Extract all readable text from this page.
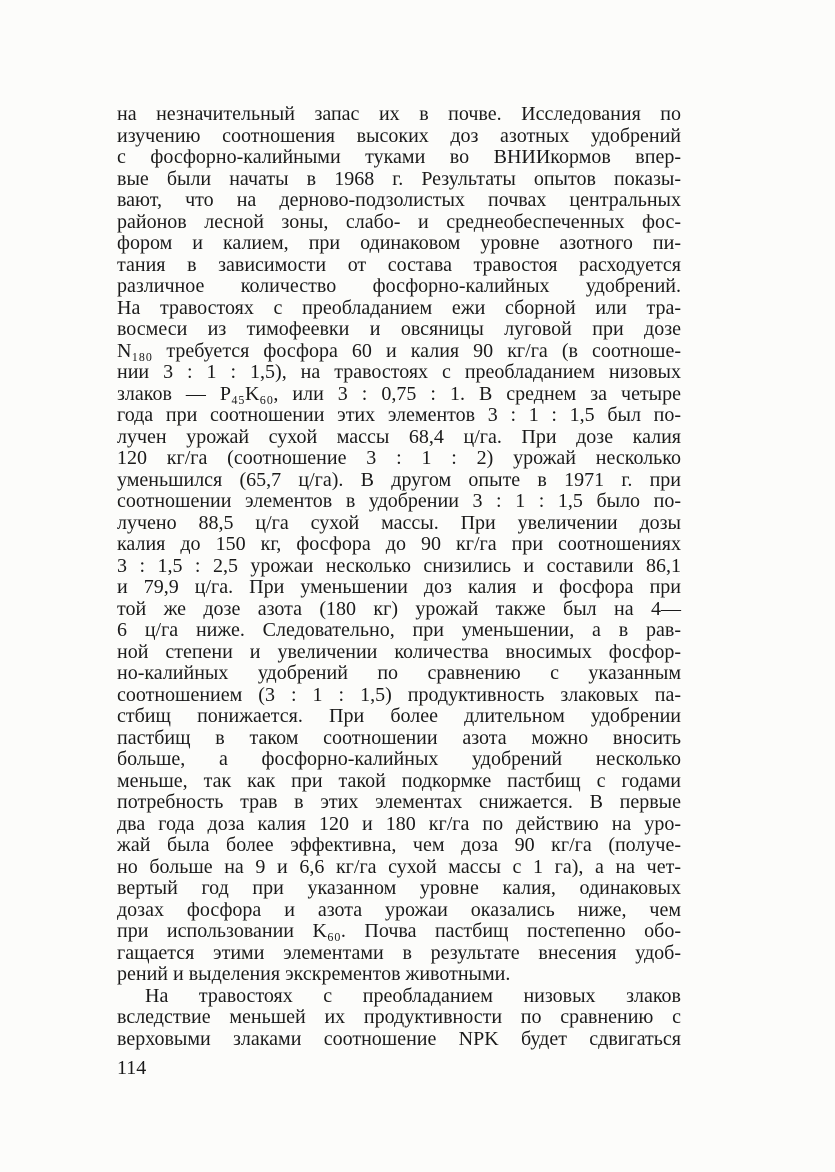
на незначительный запас их в почве. Исследования по
изучению соотношения высоких доз азотных удобрений
с фосфорно-калийными туками во ВНИИкормов впер-
вые были начаты в 1968 г. Результаты опытов показы-
вают, что на дерново-подзолистых почвах центральных
районов лесной зоны, слабо- и среднеобеспеченных фос-
фором и калием, при одинаковом уровне азотного пи-
тания в зависимости от состава травостоя расходуется
различное количество фосфорно-калийных удобрений.
На травостоях с преобладанием ежи сборной или тра-
восмеси из тимофеевки и овсяницы луговой при дозе
N₁₈₀ требуется фосфора 60 и калия 90 кг/га (в соотноше-
нии 3 : 1 : 1,5), на травостоях с преобладанием низовых
злаков — P₄₅K₆₀, или 3 : 0,75 : 1. В среднем за четыре
года при соотношении этих элементов 3 : 1 : 1,5 был по-
лучен урожай сухой массы 68,4 ц/га. При дозе калия
120 кг/га (соотношение 3 : 1 : 2) урожай несколько
уменьшился (65,7 ц/га). В другом опыте в 1971 г. при
соотношении элементов в удобрении 3 : 1 : 1,5 было по-
лучено 88,5 ц/га сухой массы. При увеличении дозы
калия до 150 кг, фосфора до 90 кг/га при соотношениях
3 : 1,5 : 2,5 урожаи несколько снизились и составили 86,1
и 79,9 ц/га. При уменьшении доз калия и фосфора при
той же дозе азота (180 кг) урожай также был на 4—
6 ц/га ниже. Следовательно, при уменьшении, а в рав-
ной степени и увеличении количества вносимых фосфор-
но-калийных удобрений по сравнению с указанным
соотношением (3 : 1 : 1,5) продуктивность злаковых па-
стбищ понижается. При более длительном удобрении
пастбищ в таком соотношении азота можно вносить
больше, а фосфорно-калийных удобрений несколько
меньше, так как при такой подкормке пастбищ с годами
потребность трав в этих элементах снижается. В первые
два года доза калия 120 и 180 кг/га по действию на уро-
жай была более эффективна, чем доза 90 кг/га (получе-
но больше на 9 и 6,6 кг/га сухой массы с 1 га), а на чет-
вертый год при указанном уровне калия, одинаковых
дозах фосфора и азота урожаи оказались ниже, чем
при использовании K₆₀. Почва пастбищ постепенно обо-
гащается этими элементами в результате внесения удоб-
рений и выделения экскрементов животными.
На травостоях с преобладанием низовых злаков
вследствие меньшей их продуктивности по сравнению с
верховыми злаками соотношение NPK будет сдвигаться
114
